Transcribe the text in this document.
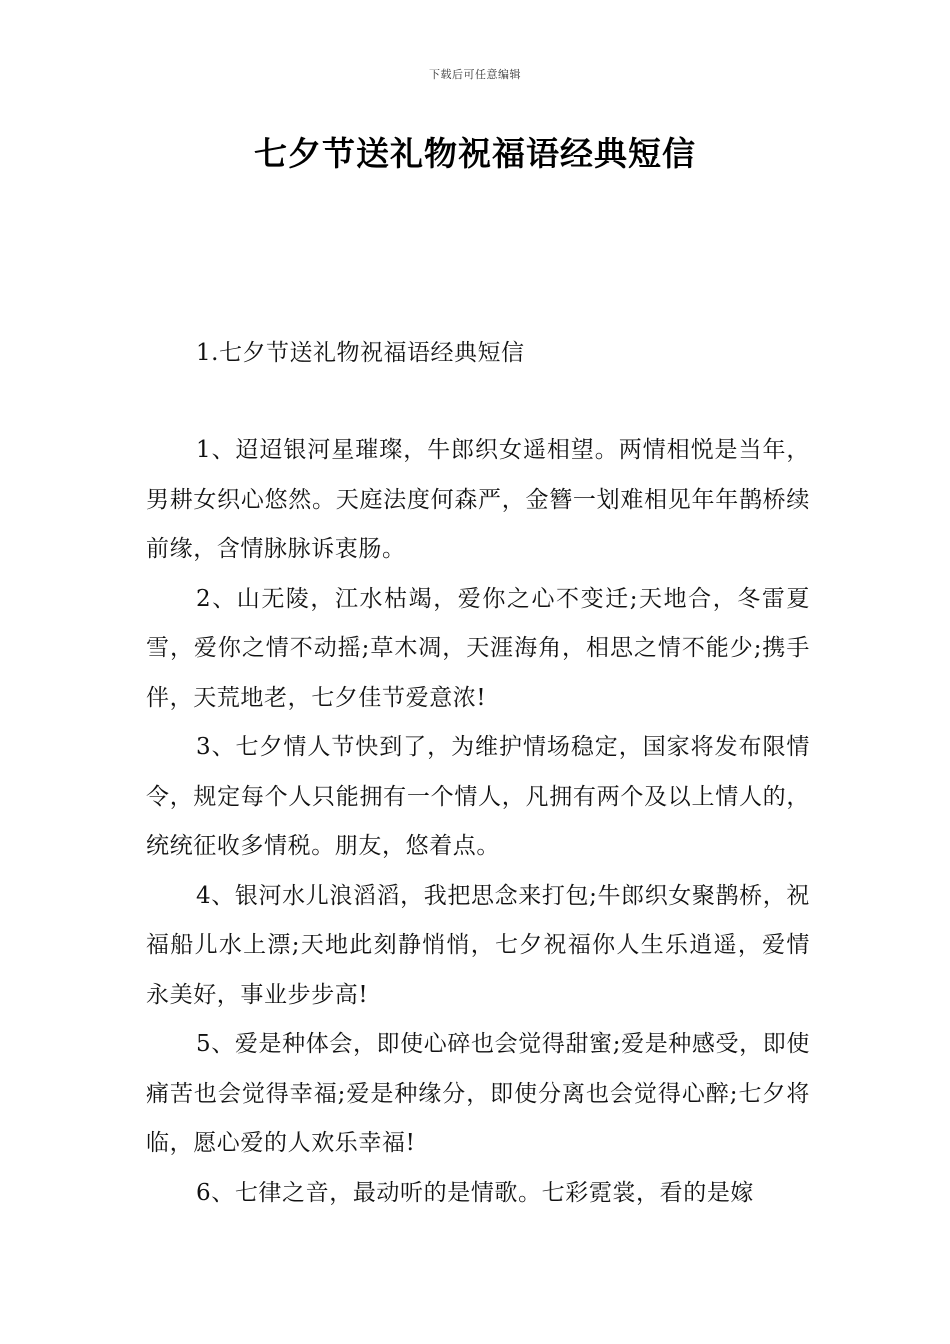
下载后可任意编辑
七夕节送礼物祝福语经典短信
1.七夕节送礼物祝福语经典短信

1、迢迢银河星璀璨，牛郎织女遥相望。两情相悦是当年，男耕女织心悠然。天庭法度何森严，金簪一划难相见年年鹊桥续前缘，含情脉脉诉衷肠。

2、山无陵，江水枯竭，爱你之心不变迁;天地合，冬雷夏雪，爱你之情不动摇;草木凋，天涯海角，相思之情不能少;携手伴，天荒地老，七夕佳节爱意浓!

3、七夕情人节快到了，为维护情场稳定，国家将发布限情令，规定每个人只能拥有一个情人，凡拥有两个及以上情人的，统统征收多情税。朋友，悠着点。

4、银河水儿浪滔滔，我把思念来打包;牛郎织女聚鹊桥，祝福船儿水上漂;天地此刻静悄悄，七夕祝福你人生乐逍遥，爱情永美好，事业步步高!

5、爱是种体会，即使心碎也会觉得甜蜜;爱是种感受，即使痛苦也会觉得幸福;爱是种缘分，即使分离也会觉得心醉;七夕将临，愿心爱的人欢乐幸福!

6、七律之音，最动听的是情歌。七彩霓裳，看的是嫁
